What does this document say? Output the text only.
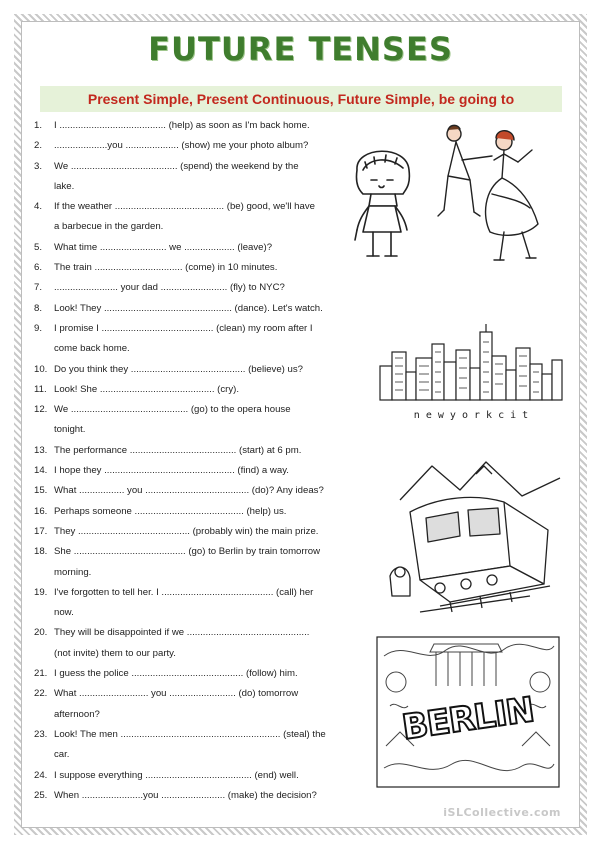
FUTURE TENSES
Present Simple, Present Continuous, Future Simple, be going to
1.	I ........................................ (help) as soon as I'm back home.
2.	....................you .................... (show) me your photo album?
3.	We ........................................ (spend) the weekend by the
lake.
4.	If the weather ......................................... (be) good, we'll have
a barbecue in the garden.
5.	What time ......................... we ................... (leave)?
6.	The train ................................. (come) in 10 minutes.
7.	........................ your dad ......................... (fly) to NYC?
8.	Look! They ................................................ (dance). Let's watch.
9.	I promise I .......................................... (clean) my room after I
come back home.
10. Do you think they ........................................... (believe) us?
11. Look! She ........................................... (cry).
12. We ............................................ (go) to the opera house
tonight.
13. The performance ........................................ (start) at 6 pm.
14. I hope they ................................................. (find) a way.
15. What ................. you ....................................... (do)? Any ideas?
16. Perhaps someone ......................................... (help) us.
17. They .......................................... (probably win) the main prize.
18. She .......................................... (go) to Berlin by train tomorrow
morning.
19. I've forgotten to tell her. I .......................................... (call) her
now.
20. They will be disappointed if we ..............................................
(not invite) them to our party.
21. I guess the police .......................................... (follow) him.
22. What .......................... you ......................... (do) tomorrow
afternoon?
23. Look! The men ............................................................ (steal) the
car.
24. I suppose everything ........................................ (end) well.
25. When .......................you ........................ (make) the decision?
n e w y o r k c i t
BERLIN
iSLCollective.com
